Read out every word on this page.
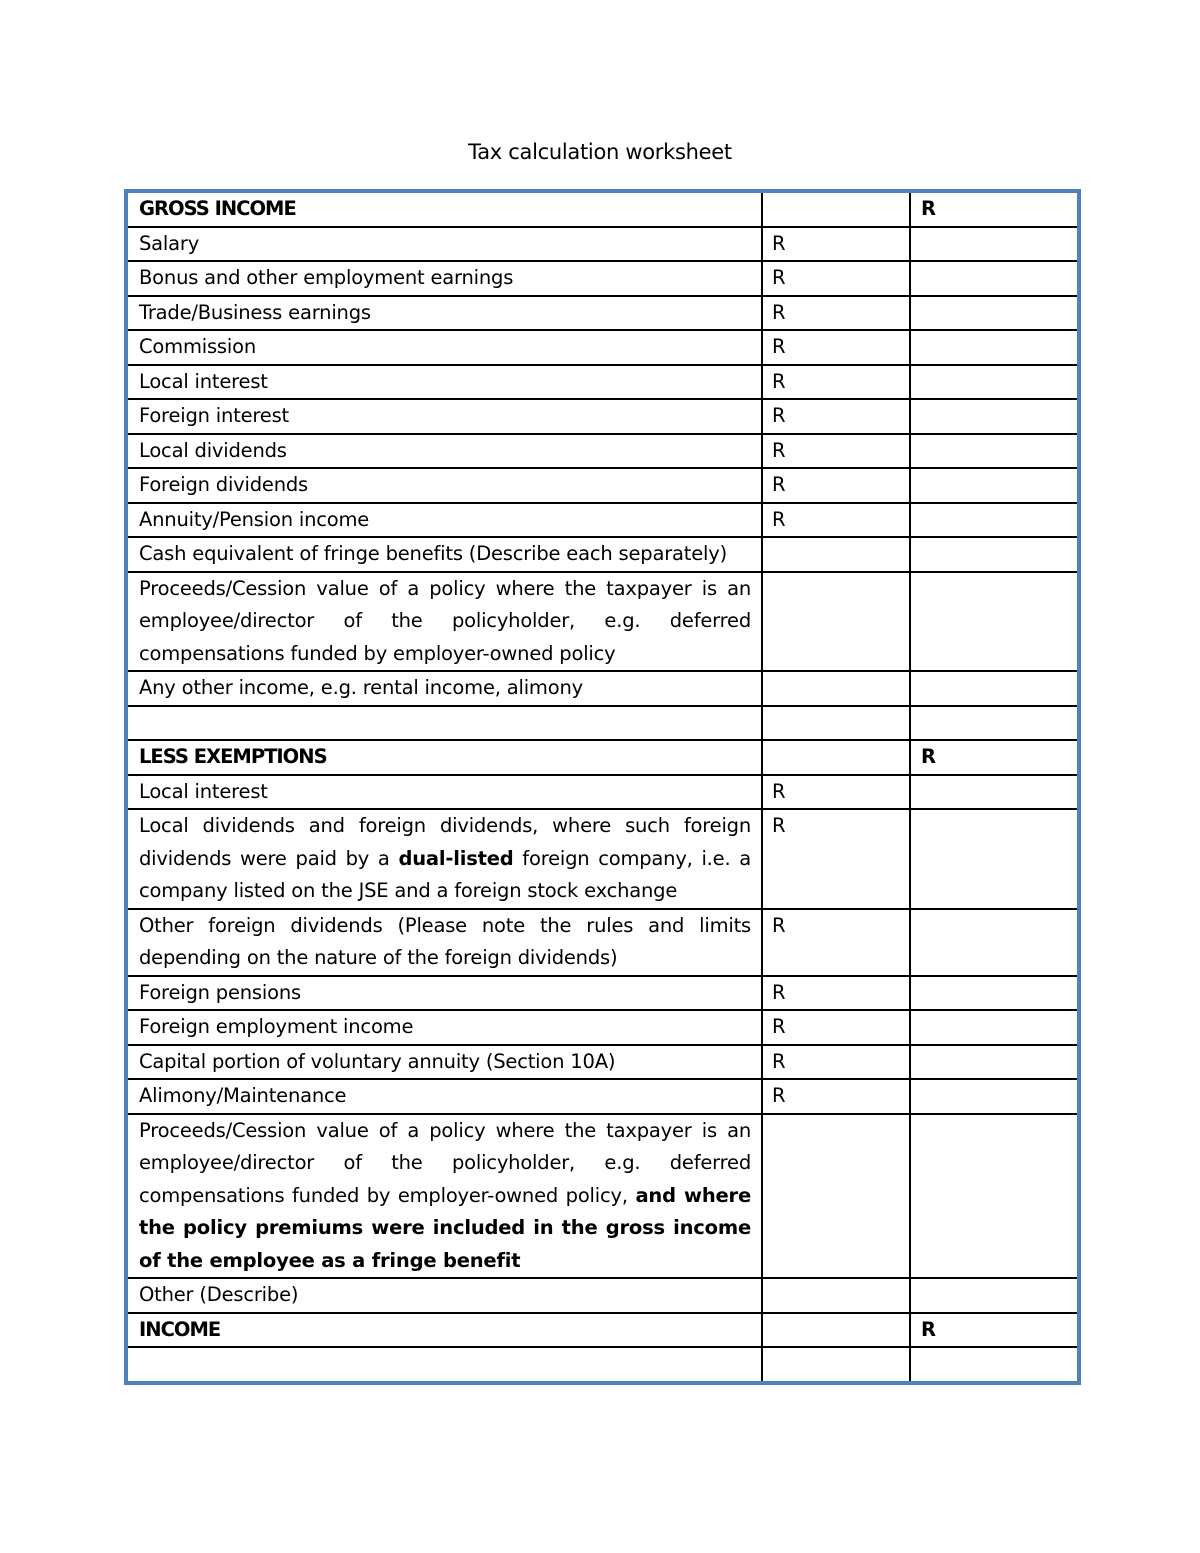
Tax calculation worksheet
GROSS INCOME		R
Salary	R	
Bonus and other employment earnings	R	
Trade/Business earnings	R	
Commission	R	
Local interest	R	
Foreign interest	R	
Local dividends	R	
Foreign dividends	R	
Annuity/Pension income	R	
Cash equivalent of fringe benefits (Describe each separately)		
Proceeds/Cession value of a policy where the taxpayer is an employee/director of the policyholder, e.g. deferred compensations funded by employer-owned policy		
Any other income, e.g. rental income, alimony		

LESS EXEMPTIONS		R
Local interest	R	
Local dividends and foreign dividends, where such foreign dividends were paid by a dual-listed foreign company, i.e. a company listed on the JSE and a foreign stock exchange	R	
Other foreign dividends (Please note the rules and limits depending on the nature of the foreign dividends)	R	
Foreign pensions	R	
Foreign employment income	R	
Capital portion of voluntary annuity (Section 10A)	R	
Alimony/Maintenance	R	
Proceeds/Cession value of a policy where the taxpayer is an employee/director of the policyholder, e.g. deferred compensations funded by employer-owned policy, and where the policy premiums were included in the gross income of the employee as a fringe benefit		
Other (Describe)		
INCOME		R
